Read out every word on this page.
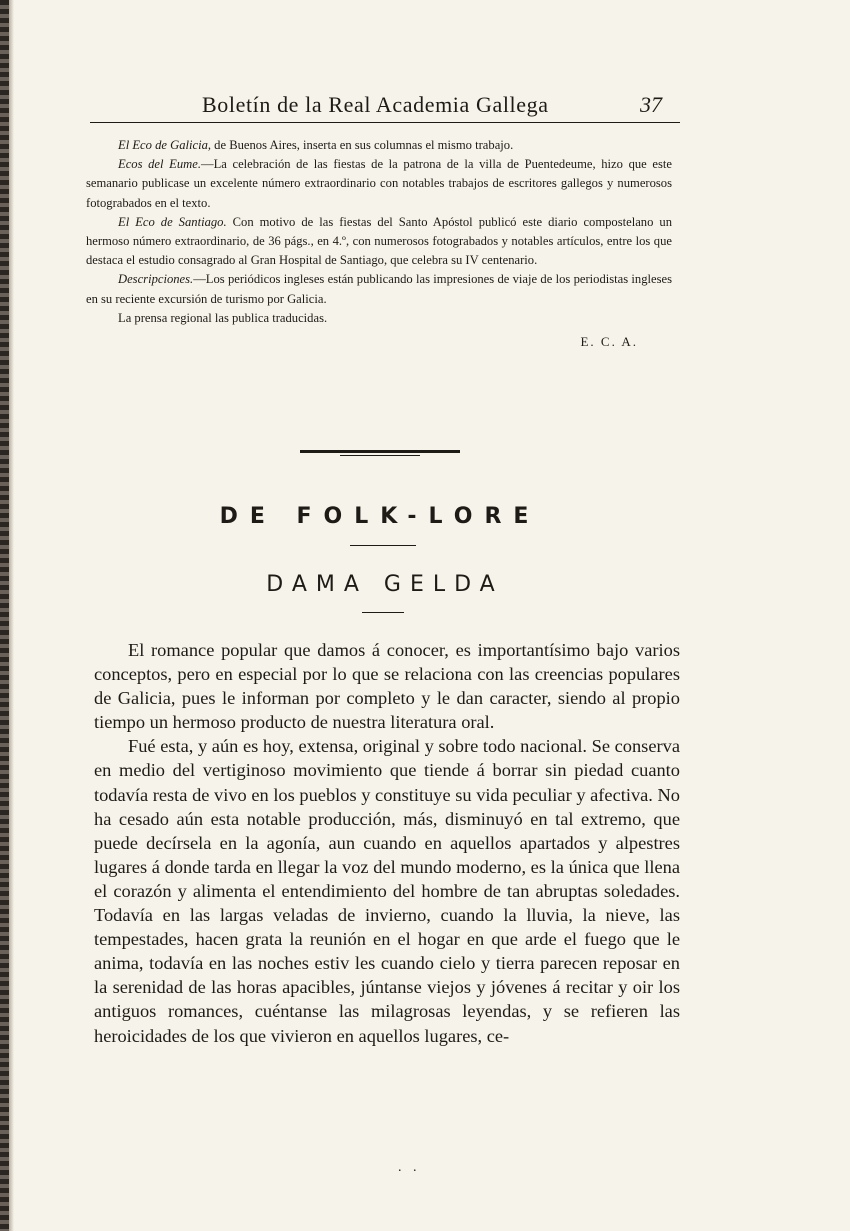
Boletín de la Real Academia Gallega	37

El Eco de Galicia, de Buenos Aires, inserta en sus columnas el mismo trabajo.

Ecos del Eume.—La celebración de las fiestas de la patrona de la villa de Puentedeume, hizo que este semanario publicase un excelente número extraordinario con notables trabajos de escritores gallegos y numerosos fotograbados en el texto.

El Eco de Santiago. Con motivo de las fiestas del Santo Apóstol publicó este diario compostelano un hermoso número extraordinario, de 36 págs., en 4.º, con numerosos fotograbados y notables artículos, entre los que destaca el estudio consagrado al Gran Hospital de Santiago, que celebra su IV centenario.

Descripciones.—Los periódicos ingleses están publicando las impresiones de viaje de los periodistas ingleses en su reciente excursión de turismo por Galicia.

La prensa regional las publica traducidas.

E. C. A.
DE FOLK-LORE
DAMA GELDA

El romance popular que damos á conocer, es importantísimo bajo varios conceptos, pero en especial por lo que se relaciona con las creencias populares de Galicia, pues le informan por completo y le dan caracter, siendo al propio tiempo un hermoso producto de nuestra literatura oral.

Fué esta, y aún es hoy, extensa, original y sobre todo nacional. Se conserva en medio del vertiginoso movimiento que tiende á borrar sin piedad cuanto todavía resta de vivo en los pueblos y constituye su vida peculiar y afectiva. No ha cesado aún esta notable producción, más, disminuyó en tal extremo, que puede decírsela en la agonía, aun cuando en aquellos apartados y alpestres lugares á donde tarda en llegar la voz del mundo moderno, es la única que llena el corazón y alimenta el entendimiento del hombre de tan abruptas soledades. Todavía en las largas veladas de invierno, cuando la lluvia, la nieve, las tempestades, hacen grata la reunión en el hogar en que arde el fuego que le anima, todavía en las noches estiv les cuando cielo y tierra parecen reposar en la serenidad de las horas apacibles, júntanse viejos y jóvenes á recitar y oir los antiguos romances, cuéntanse las milagrosas leyendas, y se refieren las heroicidades de los que vivieron en aquellos lugares, ce-

. .
